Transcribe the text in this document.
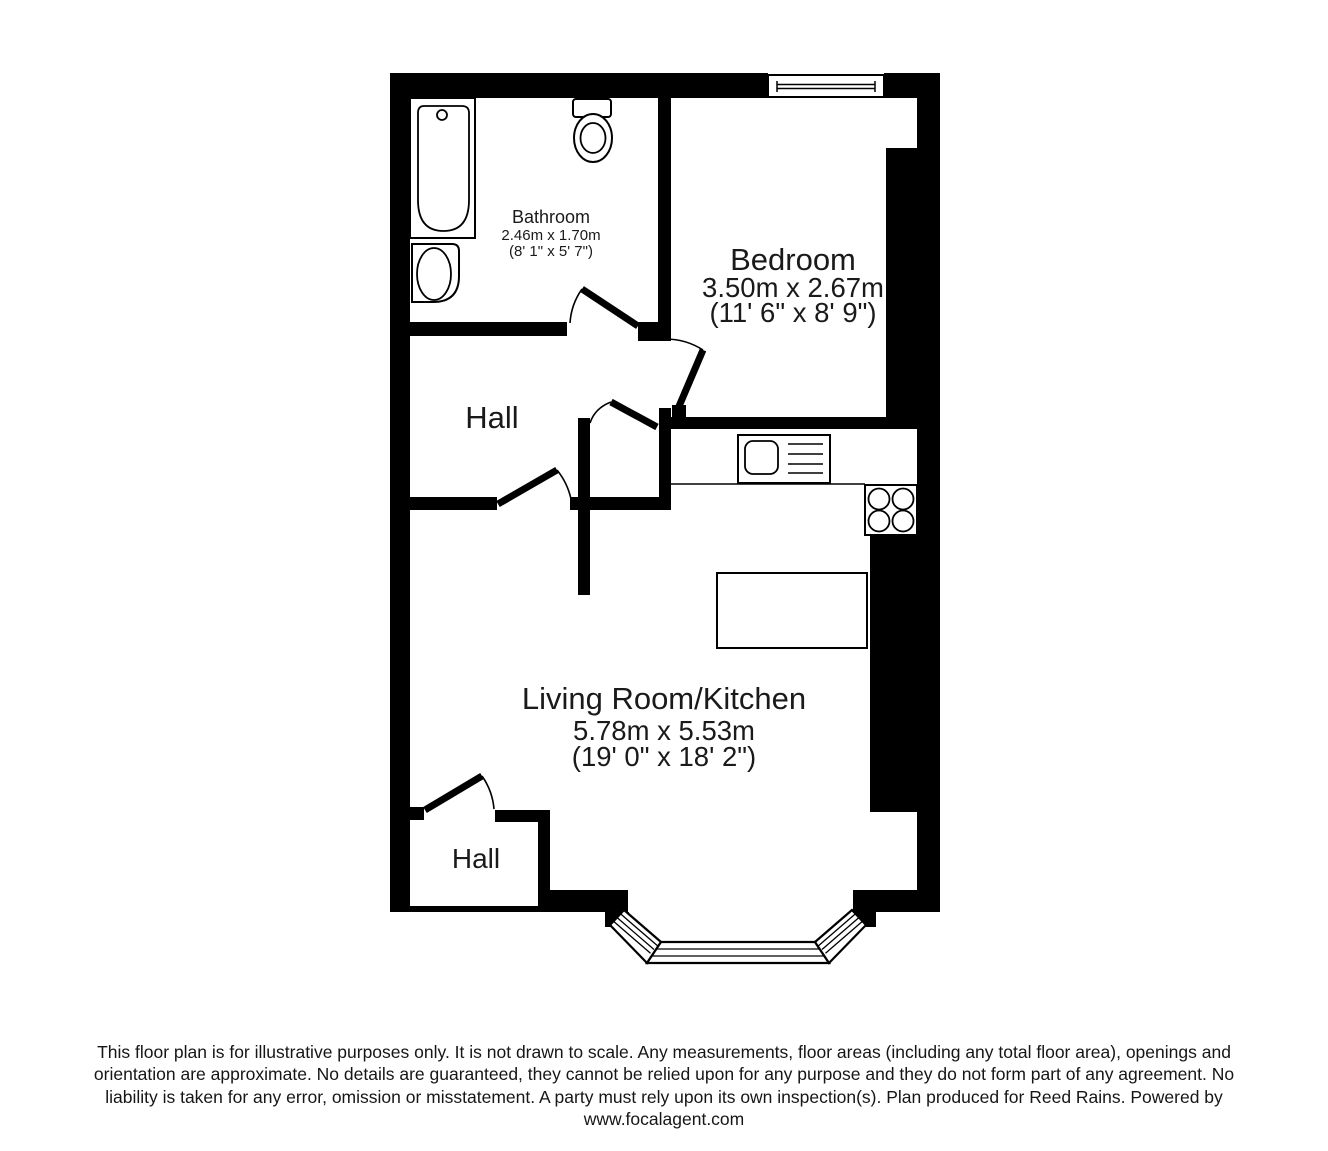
Bathroom
2.46m x 1.70m
(8' 1" x 5' 7")	Bedroom
3.50m x 2.67m
(11' 6" x 8' 9")
Hall
Living Room/Kitchen
5.78m x 5.53m
(19' 0" x 18' 2")
Hall
This floor plan is for illustrative purposes only. It is not drawn to scale. Any measurements, floor areas (including any total floor area), openings and
orientation are approximate. No details are guaranteed, they cannot be relied upon for any purpose and they do not form part of any agreement. No
liability is taken for any error, omission or misstatement. A party must rely upon its own inspection(s). Plan produced for Reed Rains. Powered by
www.focalagent.com
